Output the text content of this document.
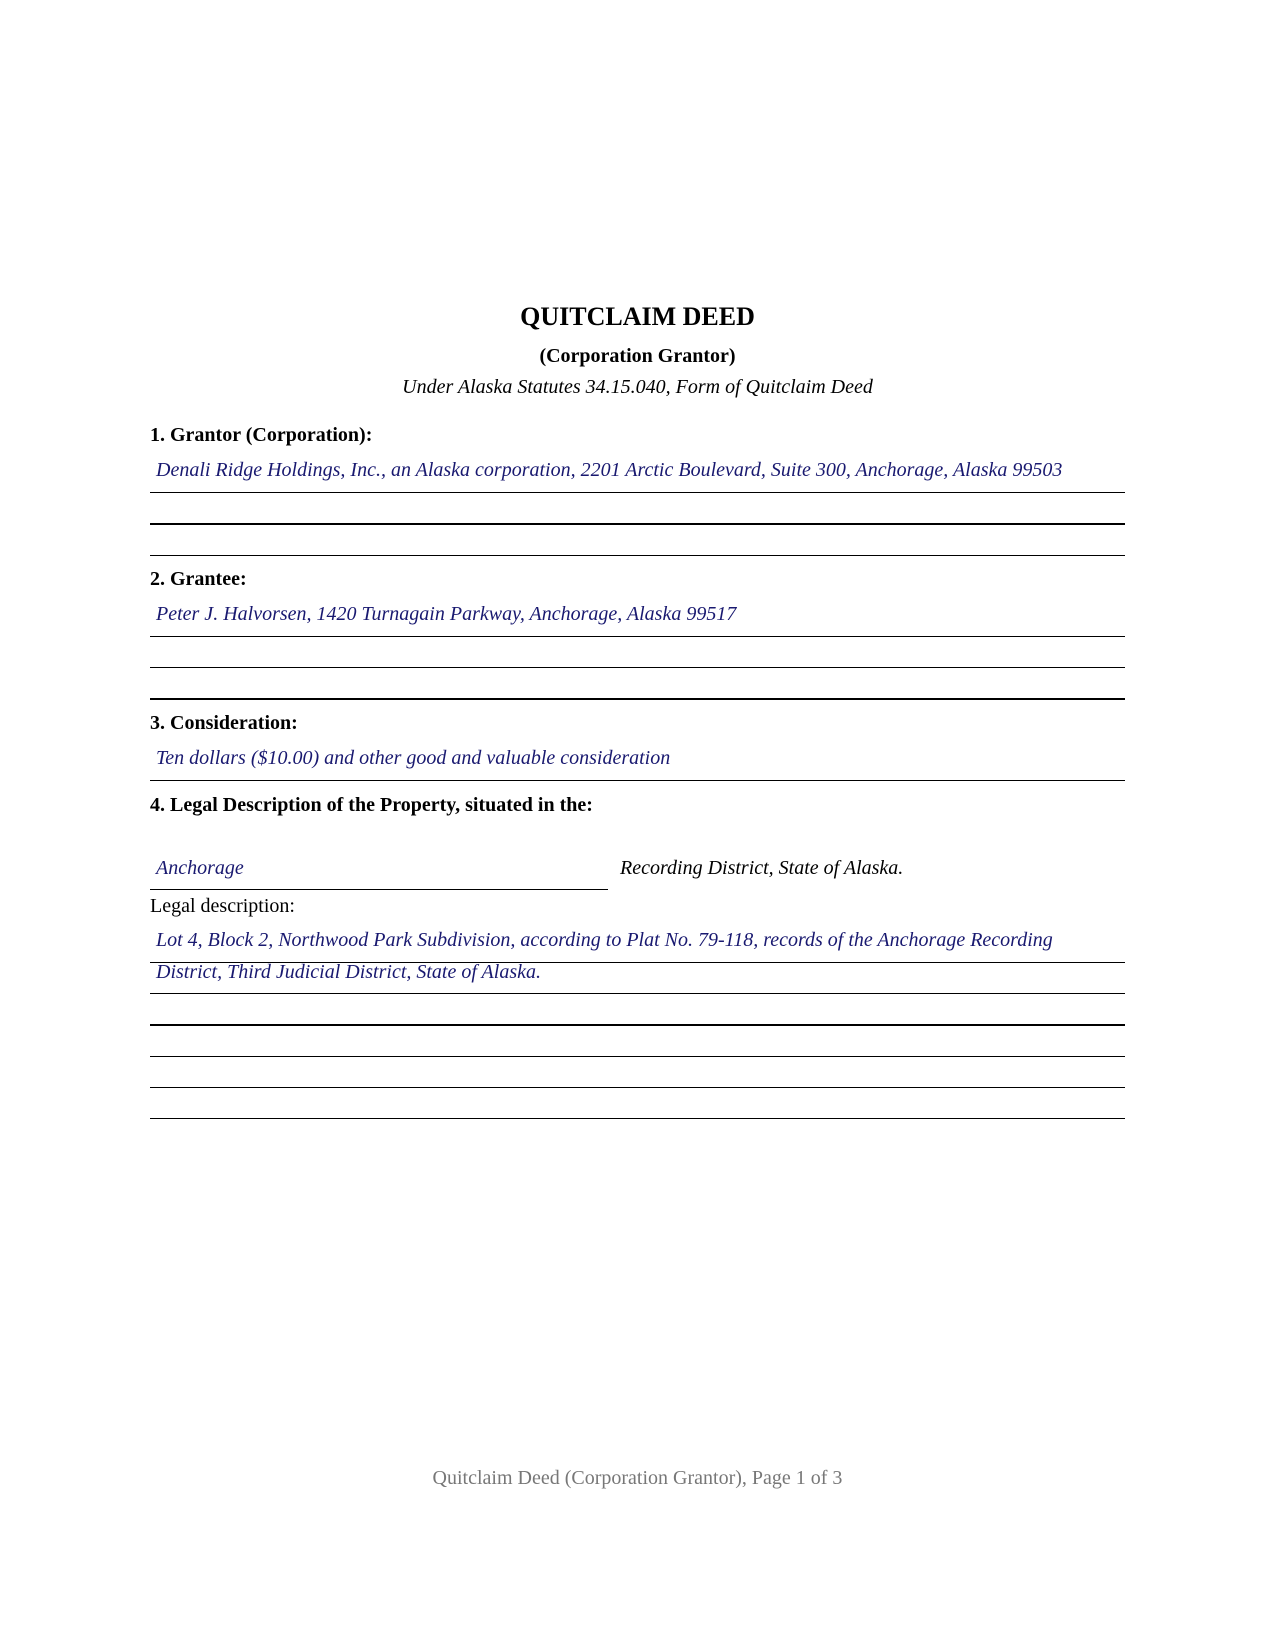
QUITCLAIM DEED
(Corporation Grantor)
Under Alaska Statutes 34.15.040, Form of Quitclaim Deed
1. Grantor (Corporation):
Denali Ridge Holdings, Inc., an Alaska corporation, 2201 Arctic Boulevard, Suite 300, Anchorage, Alaska 99503
2. Grantee:
Peter J. Halvorsen, 1420 Turnagain Parkway, Anchorage, Alaska 99517
3. Consideration:
Ten dollars ($10.00) and other good and valuable consideration
4. Legal Description of the Property, situated in the:
Anchorage	Recording District, State of Alaska.
Legal description:
Lot 4, Block 2, Northwood Park Subdivision, according to Plat No. 79-118, records of the Anchorage Recording
District, Third Judicial District, State of Alaska.
Quitclaim Deed (Corporation Grantor), Page 1 of 3
